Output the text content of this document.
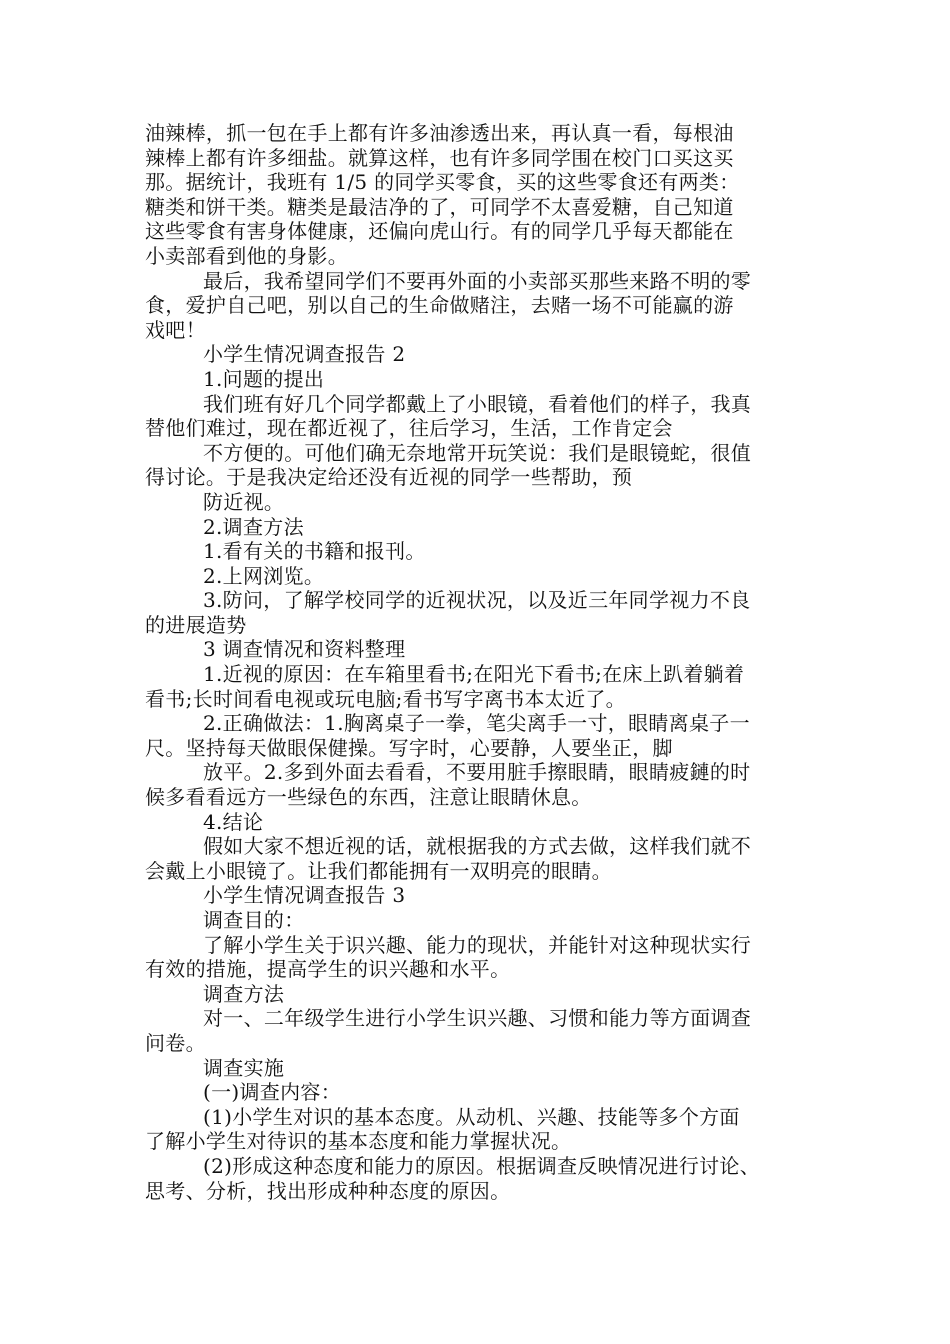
油辣棒，抓一包在手上都有许多油渗透出来，再认真一看，每根油
辣棒上都有许多细盐。就算这样，也有许多同学围在校门口买这买
那。据统计，我班有 1/5 的同学买零食，买的这些零食还有两类：
糖类和饼干类。糖类是最洁净的了，可同学不太喜爱糖，自己知道
这些零食有害身体健康，还偏向虎山行。有的同学几乎每天都能在
小卖部看到他的身影。
最后，我希望同学们不要再外面的小卖部买那些来路不明的零
食，爱护自己吧，别以自己的生命做赌注，去赌一场不可能赢的游
戏吧！
小学生情况调查报告 2
1.问题的提出
我们班有好几个同学都戴上了小眼镜，看着他们的样子，我真
替他们难过，现在都近视了，往后学习，生活，工作肯定会
不方便的。可他们确无奈地常开玩笑说：我们是眼镜蛇，很值
得讨论。于是我决定给还没有近视的同学一些帮助，预
防近视。
2.调查方法
1.看有关的书籍和报刊。
2.上网浏览。
3.防问，了解学校同学的近视状况，以及近三年同学视力不良
的进展造势
3 调查情况和资料整理
1.近视的原因：在车箱里看书;在阳光下看书;在床上趴着躺着
看书;长时间看电视或玩电脑;看书写字离书本太近了。
2.正确做法：1.胸离桌子一拳，笔尖离手一寸，眼睛离桌子一
尺。坚持每天做眼保健操。写字时，心要静，人要坐正，脚
放平。2.多到外面去看看，不要用脏手擦眼睛，眼睛疲鏈的时
候多看看远方一些绿色的东西，注意让眼睛休息。
4.结论
假如大家不想近视的话，就根据我的方式去做，这样我们就不
会戴上小眼镜了。让我们都能拥有一双明亮的眼睛。
小学生情况调查报告 3
调查目的：
了解小学生关于识兴趣、能力的现状，并能针对这种现状实行
有效的措施，提高学生的识兴趣和水平。
调查方法
对一、二年级学生进行小学生识兴趣、习惯和能力等方面调查
问卷。
调查实施
(一)调查内容：
(1)小学生对识的基本态度。从动机、兴趣、技能等多个方面
了解小学生对待识的基本态度和能力掌握状况。
(2)形成这种态度和能力的原因。根据调查反映情况进行讨论、
思考、分析，找出形成种种态度的原因。
